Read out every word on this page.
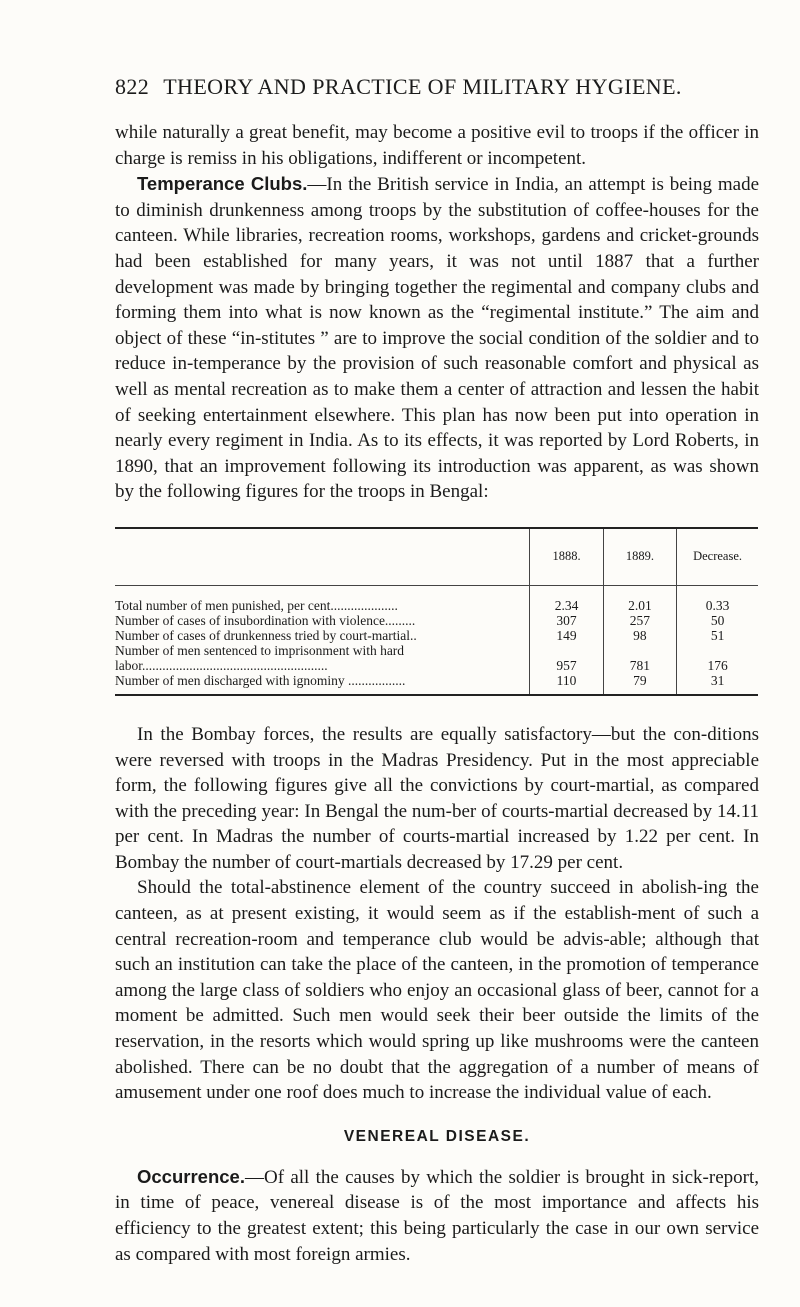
822 THEORY AND PRACTICE OF MILITARY HYGIENE.

while naturally a great benefit, may become a positive evil to troops if the officer in charge is remiss in his obligations, indifferent or incompetent.

Temperance Clubs.—In the British service in India, an attempt is being made to diminish drunkenness among troops by the substitution of coffee-houses for the canteen. While libraries, recreation rooms, workshops, gardens and cricket-grounds had been established for many years, it was not until 1887 that a further development was made by bringing together the regimental and company clubs and forming them into what is now known as the “regimental institute.” The aim and object of these “in-stitutes ” are to improve the social condition of the soldier and to reduce in-temperance by the provision of such reasonable comfort and physical as well as mental recreation as to make them a center of attraction and lessen the habit of seeking entertainment elsewhere. This plan has now been put into operation in nearly every regiment in India. As to its effects, it was reported by Lord Roberts, in 1890, that an improvement following its introduction was apparent, as was shown by the following figures for the troops in Bengal:

	1888.	1889.	Decrease.
Total number of men punished, per cent....................	2.34	2.01	0.33
Number of cases of insubordination with violence.........	307	257	50
Number of cases of drunkenness tried by court-martial..	149	98	51
Number of men sentenced to imprisonment with hard labor.......................................................	957	781	176
Number of men discharged with ignominy .................	110	79	31

In the Bombay forces, the results are equally satisfactory—but the con-ditions were reversed with troops in the Madras Presidency. Put in the most appreciable form, the following figures give all the convictions by court-martial, as compared with the preceding year: In Bengal the num-ber of courts-martial decreased by 14.11 per cent. In Madras the number of courts-martial increased by 1.22 per cent. In Bombay the number of court-martials decreased by 17.29 per cent.

Should the total-abstinence element of the country succeed in abolish-ing the canteen, as at present existing, it would seem as if the establish-ment of such a central recreation-room and temperance club would be advis-able; although that such an institution can take the place of the canteen, in the promotion of temperance among the large class of soldiers who enjoy an occasional glass of beer, cannot for a moment be admitted. Such men would seek their beer outside the limits of the reservation, in the resorts which would spring up like mushrooms were the canteen abolished. There can be no doubt that the aggregation of a number of means of amusement under one roof does much to increase the individual value of each.

VENEREAL DISEASE.

Occurrence.—Of all the causes by which the soldier is brought in sick-report, in time of peace, venereal disease is of the most importance and affects his efficiency to the greatest extent; this being particularly the case in our own service as compared with most foreign armies.
